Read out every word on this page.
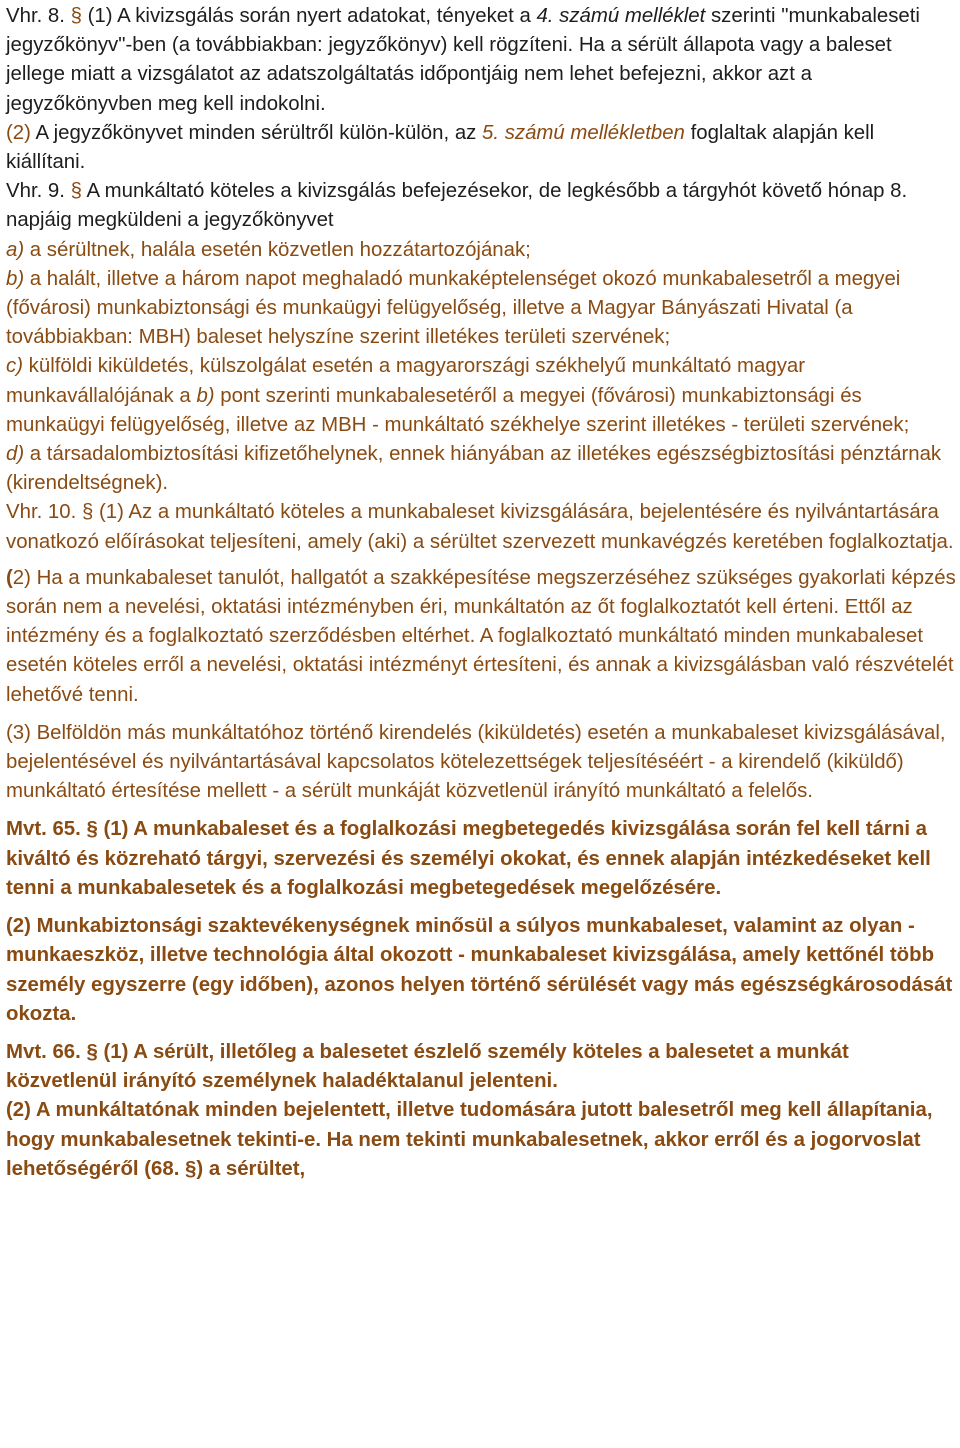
Vhr. 8. § (1) A kivizsgálás során nyert adatokat, tényeket a 4. számú melléklet szerinti "munkabaleseti jegyzőkönyv"-ben (a továbbiakban: jegyzőkönyv) kell rögzíteni. Ha a sérült állapota vagy a baleset jellege miatt a vizsgálatot az adatszolgáltatás időpontjáig nem lehet befejezni, akkor azt a jegyzőkönyvben meg kell indokolni.

(2) A jegyzőkönyvet minden sérültről külön-külön, az 5. számú mellékletben foglaltak alapján kell kiállítani.

Vhr. 9. § A munkáltató köteles a kivizsgálás befejezésekor, de legkésőbb a tárgyhót követő hónap 8. napjáig megküldeni a jegyzőkönyvet

a) a sérültnek, halála esetén közvetlen hozzátartozójának;

b) a halált, illetve a három napot meghaladó munkaképtelenséget okozó munkabalesetről a megyei (fővárosi) munkabiztonsági és munkaügyi felügyelőség, illetve a Magyar Bányászati Hivatal (a továbbiakban: MBH) baleset helyszíne szerint illetékes területi szervének;

c) külföldi kiküldetés, külszolgálat esetén a magyarországi székhelyű munkáltató magyar munkavállalójának a b) pont szerinti munkabalesetéről a megyei (fővárosi) munkabiztonsági és munkaügyi felügyelőség, illetve az MBH - munkáltató székhelye szerint illetékes - területi szervének;

d) a társadalombiztosítási kifizetőhelynek, ennek hiányában az illetékes egészségbiztosítási pénztárnak (kirendeltségnek).

Vhr. 10. § (1) Az a munkáltató köteles a munkabaleset kivizsgálására, bejelentésére és nyilvántartására vonatkozó előírásokat teljesíteni, amely (aki) a sérültet szervezett munkavégzés keretében foglalkoztatja.

(2) Ha a munkabaleset tanulót, hallgatót a szakképesítése megszerzéséhez szükséges gyakorlati képzés során nem a nevelési, oktatási intézményben éri, munkáltatón az őt foglalkoztatót kell érteni. Ettől az intézmény és a foglalkoztató szerződésben eltérhet. A foglalkoztató munkáltató minden munkabaleset esetén köteles erről a nevelési, oktatási intézményt értesíteni, és annak a kivizsgálásban való részvételét lehetővé tenni.

(3) Belföldön más munkáltatóhoz történő kirendelés (kiküldetés) esetén a munkabaleset kivizsgálásával, bejelentésével és nyilvántartásával kapcsolatos kötelezettségek teljesítéséért - a kirendelő (kiküldő) munkáltató értesítése mellett - a sérült munkáját közvetlenül irányító munkáltató a felelős.

Mvt. 65. § (1) A munkabaleset és a foglalkozási megbetegedés kivizsgálása során fel kell tárni a kiváltó és közreható tárgyi, szervezési és személyi okokat, és ennek alapján intézkedéseket kell tenni a munkabalesetek és a foglalkozási megbetegedések megelőzésére.

(2) Munkabiztonsági szaktevékenységnek minősül a súlyos munkabaleset, valamint az olyan - munkaeszköz, illetve technológia által okozott - munkabaleset kivizsgálása, amely kettőnél több személy egyszerre (egy időben), azonos helyen történő sérülését vagy más egészségkárosodását okozta.

Mvt. 66. § (1) A sérült, illetőleg a balesetet észlelő személy köteles a balesetet a munkát közvetlenül irányító személynek haladéktalanul jelenteni.

(2) A munkáltatónak minden bejelentett, illetve tudomására jutott balesetről meg kell állapítania, hogy munkabalesetnek tekinti-e. Ha nem tekinti munkabalesetnek, akkor erről és a jogorvoslat lehetőségéről (68. §) a sérültet,
